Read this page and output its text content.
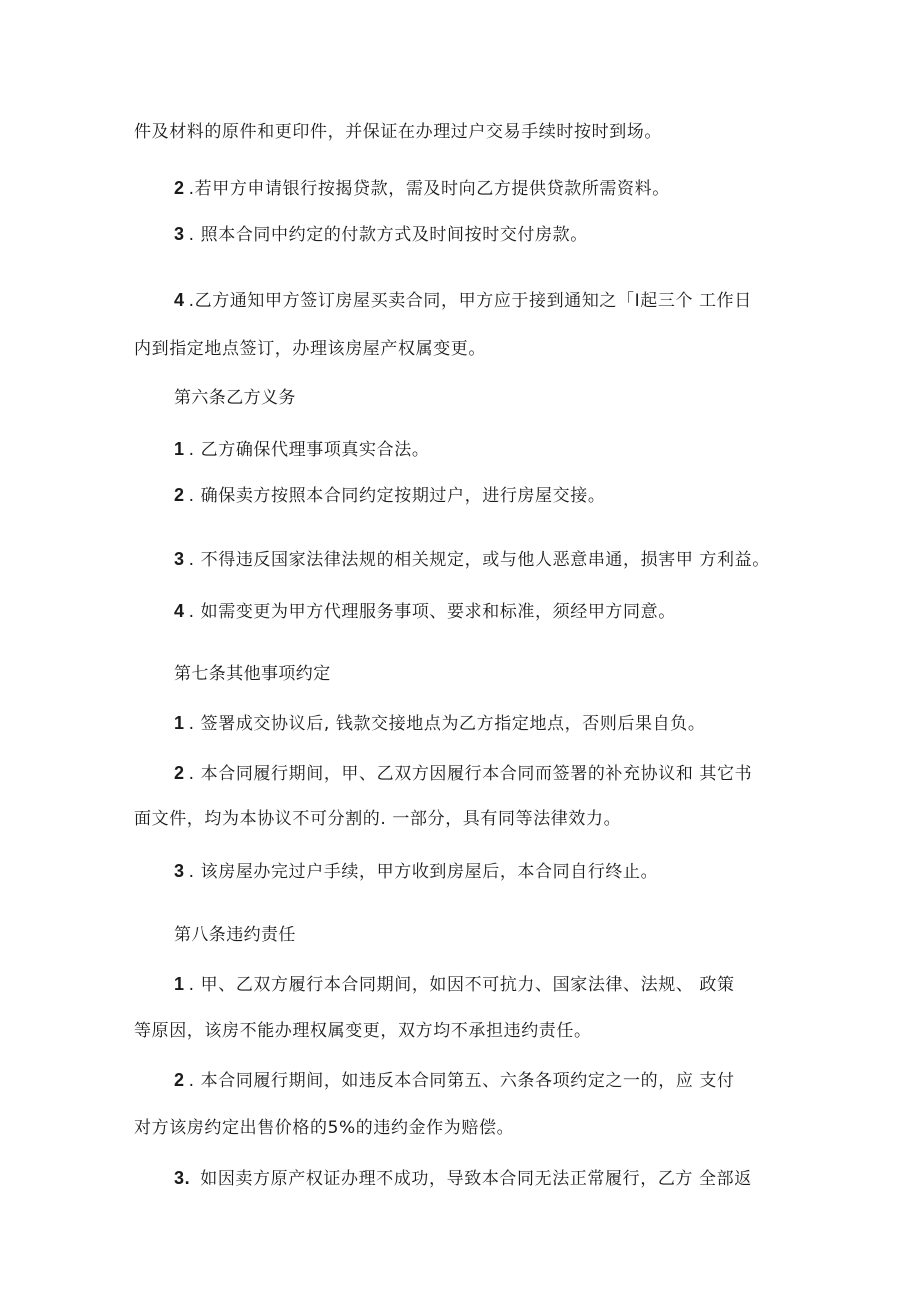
件及材料的原件和更印件，并保证在办理过户交易手续时按时到场。
2 .若甲方申请银行按揭贷款，需及时向乙方提供贷款所需资料。
3 . 照本合同中约定的付款方式及时间按时交付房款。
4 .乙方通知甲方签订房屋买卖合同，甲方应于接到通知之「I起三个 工作日
内到指定地点签订，办理该房屋产权属变更。
第六条乙方义务
1 . 乙方确保代理事项真实合法。
2 . 确保卖方按照本合同约定按期过户，进行房屋交接。
3 . 不得违反国家法律法规的相关规定，或与他人恶意串通，损害甲 方利益。
4 . 如需变更为甲方代理服务事项、要求和标准，须经甲方同意。
第七条其他事项约定
1 . 签署成交协议后, 钱款交接地点为乙方指定地点，否则后果自负。
2 . 本合同履行期间，甲、乙双方因履行本合同而签署的补充协议和 其它书
面文件，均为本协议不可分割的. 一部分，具有同等法律效力。
3 . 该房屋办完过户手续，甲方收到房屋后，本合同自行终止。
第八条违约责任
1 . 甲、乙双方履行本合同期间，如因不可抗力、国家法律、法规、 政策
等原因，该房不能办理权属变更，双方均不承担违约责任。
2 . 本合同履行期间，如违反本合同第五、六条各项约定之一的，应 支付
对方该房约定出售价格的5%的违约金作为赔偿。
3. 如因卖方原产权证办理不成功，导致本合同无法正常履行，乙方 全部返
